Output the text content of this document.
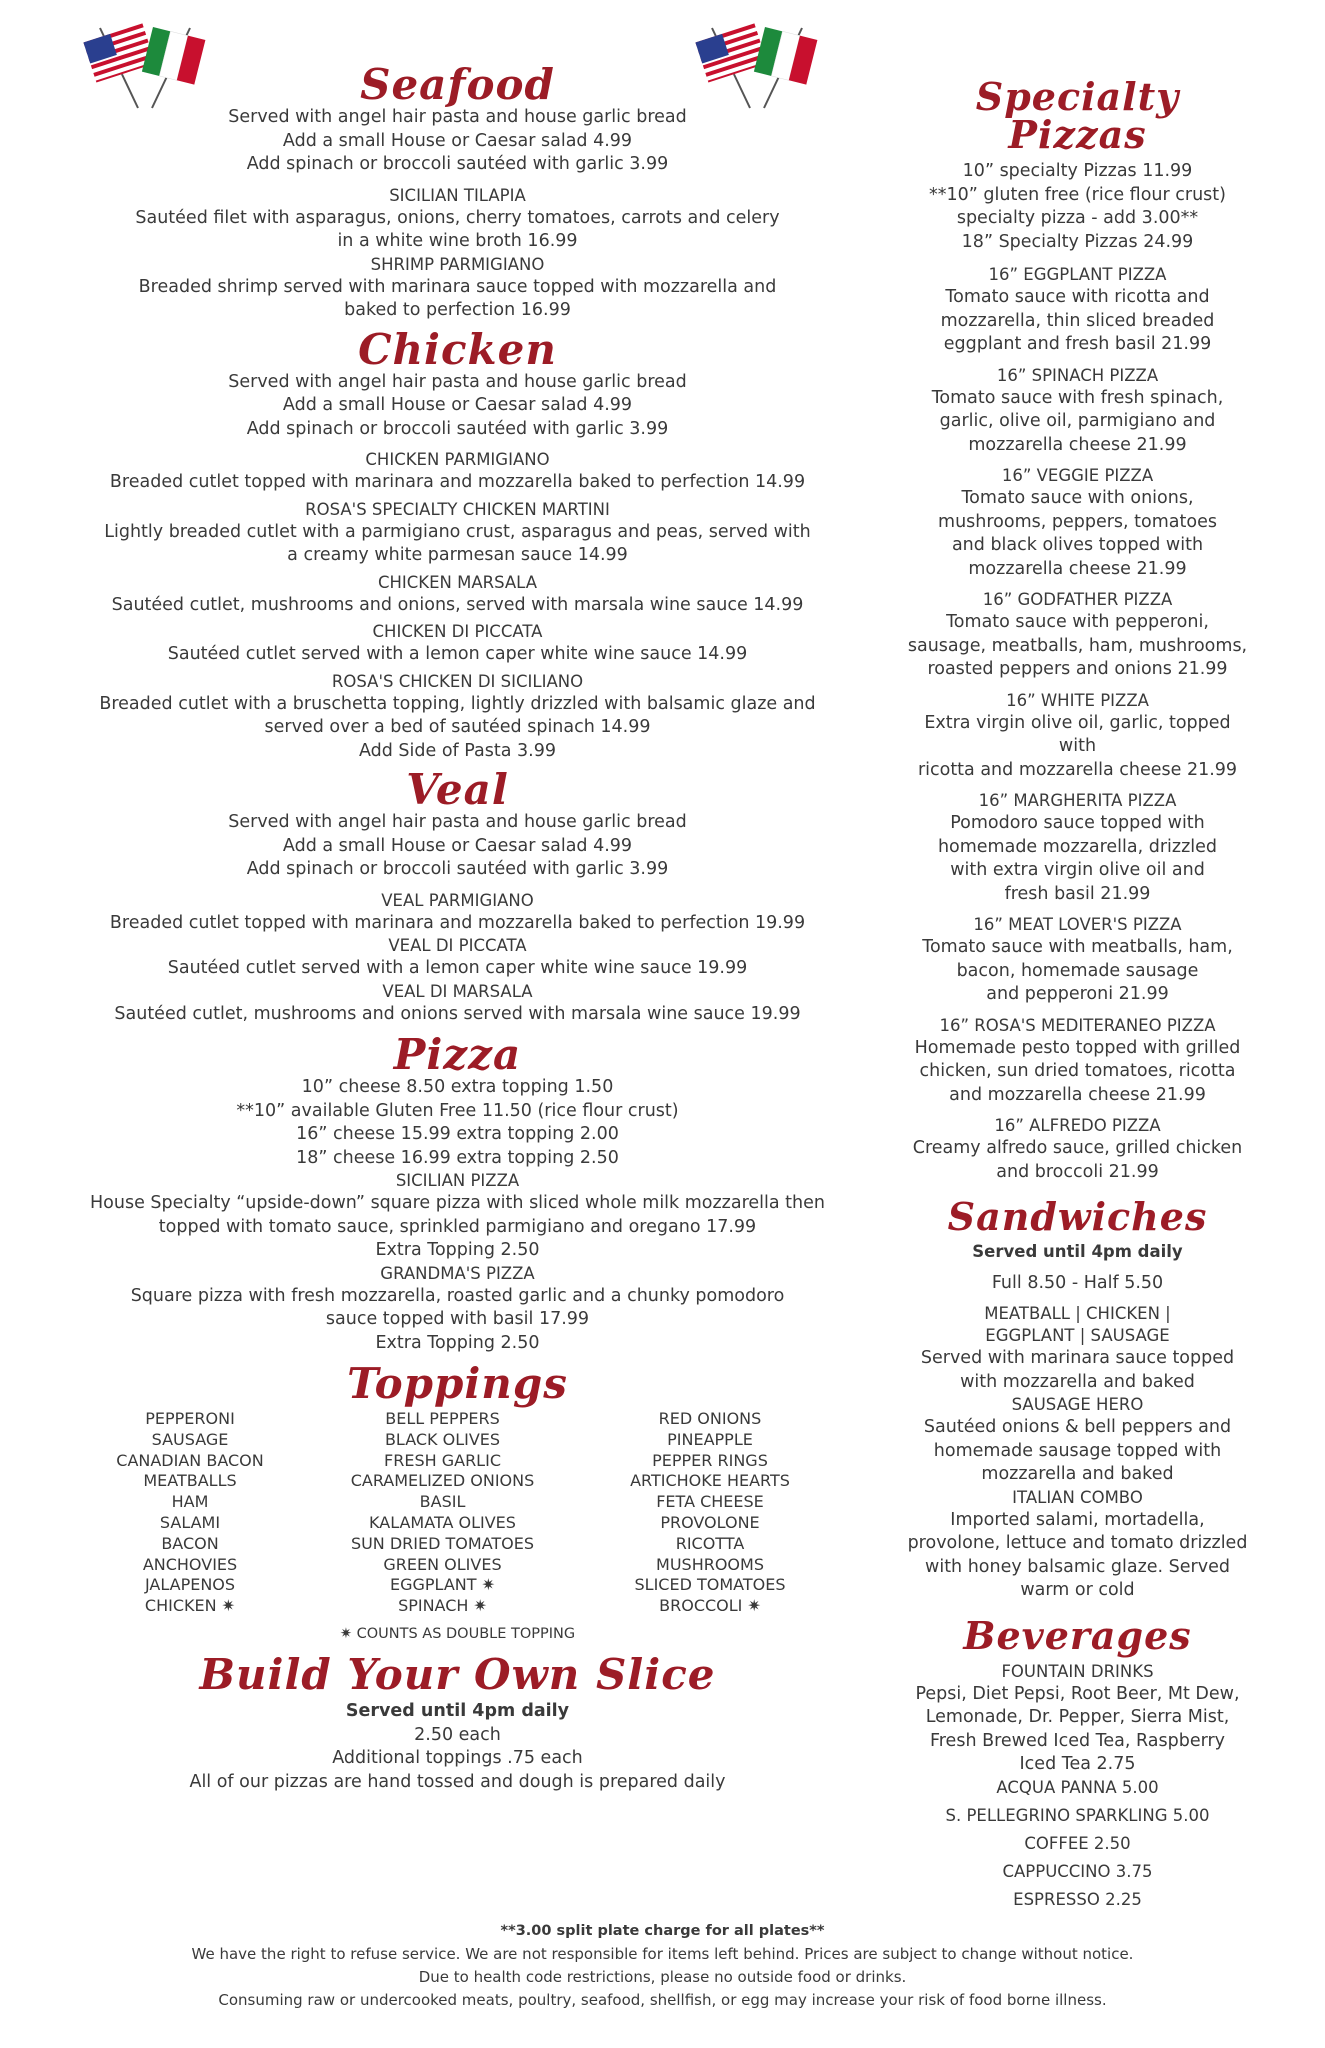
Seafood

Served with angel hair pasta and house garlic bread

Add a small House or Caesar salad 4.99

Add spinach or broccoli sautéed with garlic 3.99

SICILIAN TILAPIA

Sautéed filet with asparagus, onions, cherry tomatoes, carrots and celery

in a white wine broth 16.99

SHRIMP PARMIGIANO

Breaded shrimp served with marinara sauce topped with mozzarella and

baked to perfection 16.99

Chicken

Served with angel hair pasta and house garlic bread

Add a small House or Caesar salad 4.99

Add spinach or broccoli sautéed with garlic 3.99

CHICKEN PARMIGIANO

Breaded cutlet topped with marinara and mozzarella baked to perfection 14.99

ROSA'S SPECIALTY CHICKEN MARTINI

Lightly breaded cutlet with a parmigiano crust, asparagus and peas, served with

a creamy white parmesan sauce 14.99

CHICKEN MARSALA

Sautéed cutlet, mushrooms and onions, served with marsala wine sauce 14.99

CHICKEN DI PICCATA

Sautéed cutlet served with a lemon caper white wine sauce 14.99

ROSA'S CHICKEN DI SICILIANO

Breaded cutlet with a bruschetta topping, lightly drizzled with balsamic glaze and

served over a bed of sautéed spinach 14.99

Add Side of Pasta 3.99

Veal

Served with angel hair pasta and house garlic bread

Add a small House or Caesar salad 4.99

Add spinach or broccoli sautéed with garlic 3.99

VEAL PARMIGIANO

Breaded cutlet topped with marinara and mozzarella baked to perfection 19.99

VEAL DI PICCATA

Sautéed cutlet served with a lemon caper white wine sauce 19.99

VEAL DI MARSALA

Sautéed cutlet, mushrooms and onions served with marsala wine sauce 19.99

Pizza

10” cheese 8.50 extra topping 1.50

**10” available Gluten Free 11.50 (rice flour crust)

16” cheese 15.99 extra topping 2.00

18” cheese 16.99 extra topping 2.50

SICILIAN PIZZA

House Specialty “upside-down” square pizza with sliced whole milk mozzarella then

topped with tomato sauce, sprinkled parmigiano and oregano 17.99

Extra Topping 2.50

GRANDMA'S PIZZA

Square pizza with fresh mozzarella, roasted garlic and a chunky pomodoro

sauce topped with basil 17.99

Extra Topping 2.50

Toppings
PEPPERONI
SAUSAGE
CANADIAN BACON
MEATBALLS
HAM
SALAMI
BACON
ANCHOVIES
JALAPENOS
CHICKEN ✷
BELL PEPPERS
BLACK OLIVES
FRESH GARLIC
CARAMELIZED ONIONS
BASIL
KALAMATA OLIVES
SUN DRIED TOMATOES
GREEN OLIVES
EGGPLANT ✷
SPINACH ✷
RED ONIONS
PINEAPPLE
PEPPER RINGS
ARTICHOKE HEARTS
FETA CHEESE
PROVOLONE
RICOTTA
MUSHROOMS
SLICED TOMATOES
BROCCOLI ✷

✷ COUNTS AS DOUBLE TOPPING

Build Your Own Slice

Served until 4pm daily

2.50 each

Additional toppings .75 each

All of our pizzas are hand tossed and dough is prepared daily

Specialty Pizzas

10” specialty Pizzas 11.99

**10” gluten free (rice flour crust)

specialty pizza - add 3.00**

18” Specialty Pizzas 24.99

16” EGGPLANT PIZZA

Tomato sauce with ricotta and

mozzarella, thin sliced breaded

eggplant and fresh basil 21.99

16” SPINACH PIZZA

Tomato sauce with fresh spinach,

garlic, olive oil, parmigiano and

mozzarella cheese 21.99

16” VEGGIE PIZZA

Tomato sauce with onions,

mushrooms, peppers, tomatoes

and black olives topped with

mozzarella cheese 21.99

16” GODFATHER PIZZA

Tomato sauce with pepperoni,

sausage, meatballs, ham, mushrooms,

roasted peppers and onions 21.99

16” WHITE PIZZA

Extra virgin olive oil, garlic, topped with

ricotta and mozzarella cheese 21.99

16” MARGHERITA PIZZA

Pomodoro sauce topped with

homemade mozzarella, drizzled

with extra virgin olive oil and

fresh basil 21.99

16” MEAT LOVER'S PIZZA

Tomato sauce with meatballs, ham,

bacon, homemade sausage

and pepperoni 21.99

16” ROSA'S MEDITERANEO PIZZA

Homemade pesto topped with grilled

chicken, sun dried tomatoes, ricotta

and mozzarella cheese 21.99

16” ALFREDO PIZZA

Creamy alfredo sauce, grilled chicken

and broccoli 21.99

Sandwiches

Served until 4pm daily

Full 8.50 - Half 5.50

MEATBALL | CHICKEN |

EGGPLANT | SAUSAGE

Served with marinara sauce topped

with mozzarella and baked

SAUSAGE HERO

Sautéed onions & bell peppers and

homemade sausage topped with

mozzarella and baked

ITALIAN COMBO

Imported salami, mortadella,

provolone, lettuce and tomato drizzled

with honey balsamic glaze. Served

warm or cold

Beverages

FOUNTAIN DRINKS

Pepsi, Diet Pepsi, Root Beer, Mt Dew,

Lemonade, Dr. Pepper, Sierra Mist,

Fresh Brewed Iced Tea, Raspberry

Iced Tea 2.75

ACQUA PANNA 5.00

S. PELLEGRINO SPARKLING 5.00

COFFEE 2.50

CAPPUCCINO 3.75

ESPRESSO 2.25

**3.00 split plate charge for all plates**
We have the right to refuse service. We are not responsible for items left behind. Prices are subject to change without notice.
Due to health code restrictions, please no outside food or drinks.
Consuming raw or undercooked meats, poultry, seafood, shellfish, or egg may increase your risk of food borne illness.
